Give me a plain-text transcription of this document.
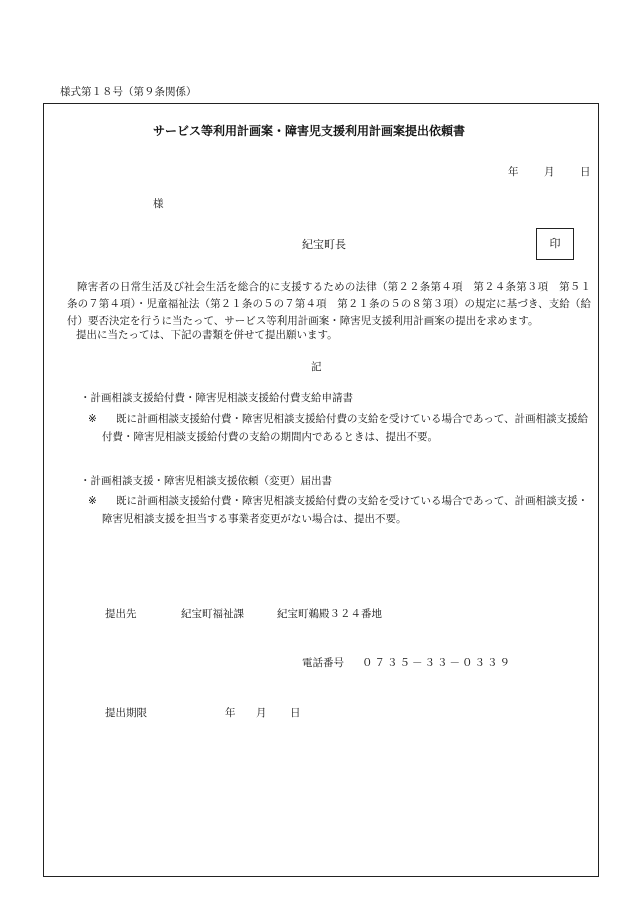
様式第１８号（第９条関係）
サービス等利用計画案・障害児支援利用計画案提出依頼書
年 月 日
様
紀宝町長	印
障害者の日常生活及び社会生活を総合的に支援するための法律（第２２条第４項　第２４条第３項　第５１条の７第４項）・児童福祉法（第２１条の５の７第４項　第２１条の５の８第３項）の規定に基づき、支給（給付）要否決定を行うに当たって、サービス等利用計画案・障害児支援利用計画案の提出を求めます。
提出に当たっては、下記の書類を併せて提出願います。
記
・計画相談支援給付費・障害児相談支援給付費支給申請書
※	既に計画相談支援給付費・障害児相談支援給付費の支給を受けている場合であって、計画相談支援給付費・障害児相談支援給付費の支給の期間内であるときは、提出不要。
・計画相談支援・障害児相談支援依頼（変更）届出書
※	既に計画相談支援給付費・障害児相談支援給付費の支給を受けている場合であって、計画相談支援・障害児相談支援を担当する事業者変更がない場合は、提出不要。
提出先	紀宝町福祉課	紀宝町鵜殿３２４番地
電話番号 ０７３５－３３－０３３９
提出期限	年 月 日
